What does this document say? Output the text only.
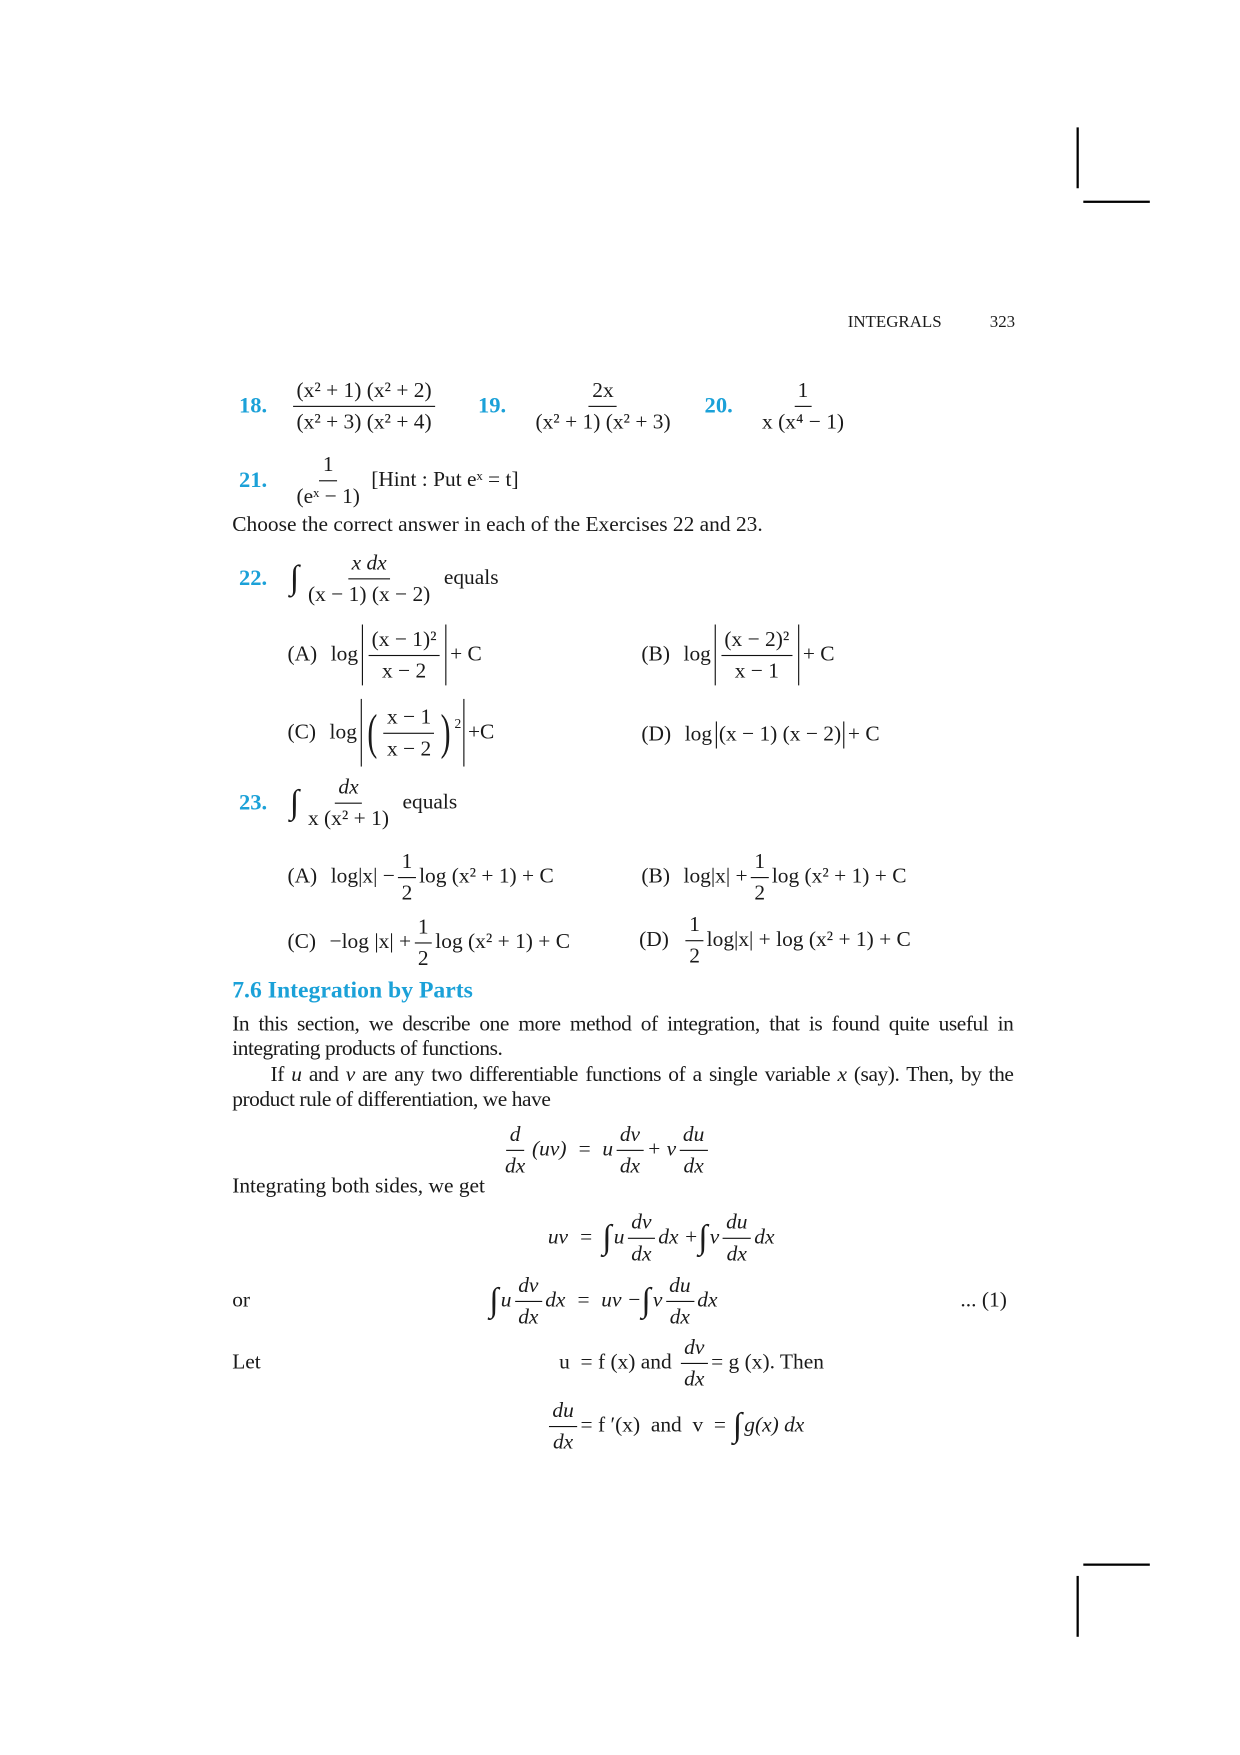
INTEGRALS	323
18. $\frac{\text{(x² + 1) (x² + 2)}}{\text{(x² + 3) (x² + 4)}} 19$. $\frac{2x}{\text{(x² + 1) (x² + 3)}} 20$. $\frac{1}{\text{x (x⁴ − 1)}}$
21. $\frac{1}{\text{(eˣ − 1)}}$ [Hint : Put eˣ = t]
Choose the correct answer in each of the Exercises 22 and 23.
22. ∫ $\frac{\text{x dx}}{(x - 1) (x - 2)}$ equals
(A) $\log \frac{\text{(x − 1)²}}{x - 2} + C$	(B) $\log \frac{\text{(x − 2)²}}{x - 1} + C$
(C) log ( $\frac{x - 1}{x - 2}$ ) 2 +C	(D) log (x − 1) (x − 2) + C
23. ∫ $\frac{dx}{\text{x (x² + 1)}}$ equals
(A) $\log|x| - \frac{1}{2}$ log (x² + 1) + C	(B) $\log|x| + \frac{1}{2}$ log (x² + 1) + C
(C) −log $|x| + \frac{1}{2}$ log (x² + 1) + C	$(D) \frac{1}{2} \log|x| + \log (x^2 + 1) + C$
7.6 Integration by Parts
In this section, we describe one more method of integration, that is found quite useful in integrating products of functions.
If u and v are any two differentiable functions of a single variable x (say). Then, by the product rule of differentiation, we have
$\frac{d}{dx} (uv) = u \frac{dv}{dx} + v \frac{du}{dx}$
Integrating both sides, we get
uv  = ∫ u $\frac{dv}{dx}$ dx + ∫ v $\frac{du}{dx}$ dx
or	∫ u $\frac{dv}{dx}$ dx  =  uv − ∫ v $\frac{du}{dx}$ dx	... (1)
Let	u  = f (x) and $\frac{dv}{dx} = g$ (x). Then
$\frac{du}{dx} = f$ ′(x)  and  v  = ∫ g(x) dx
